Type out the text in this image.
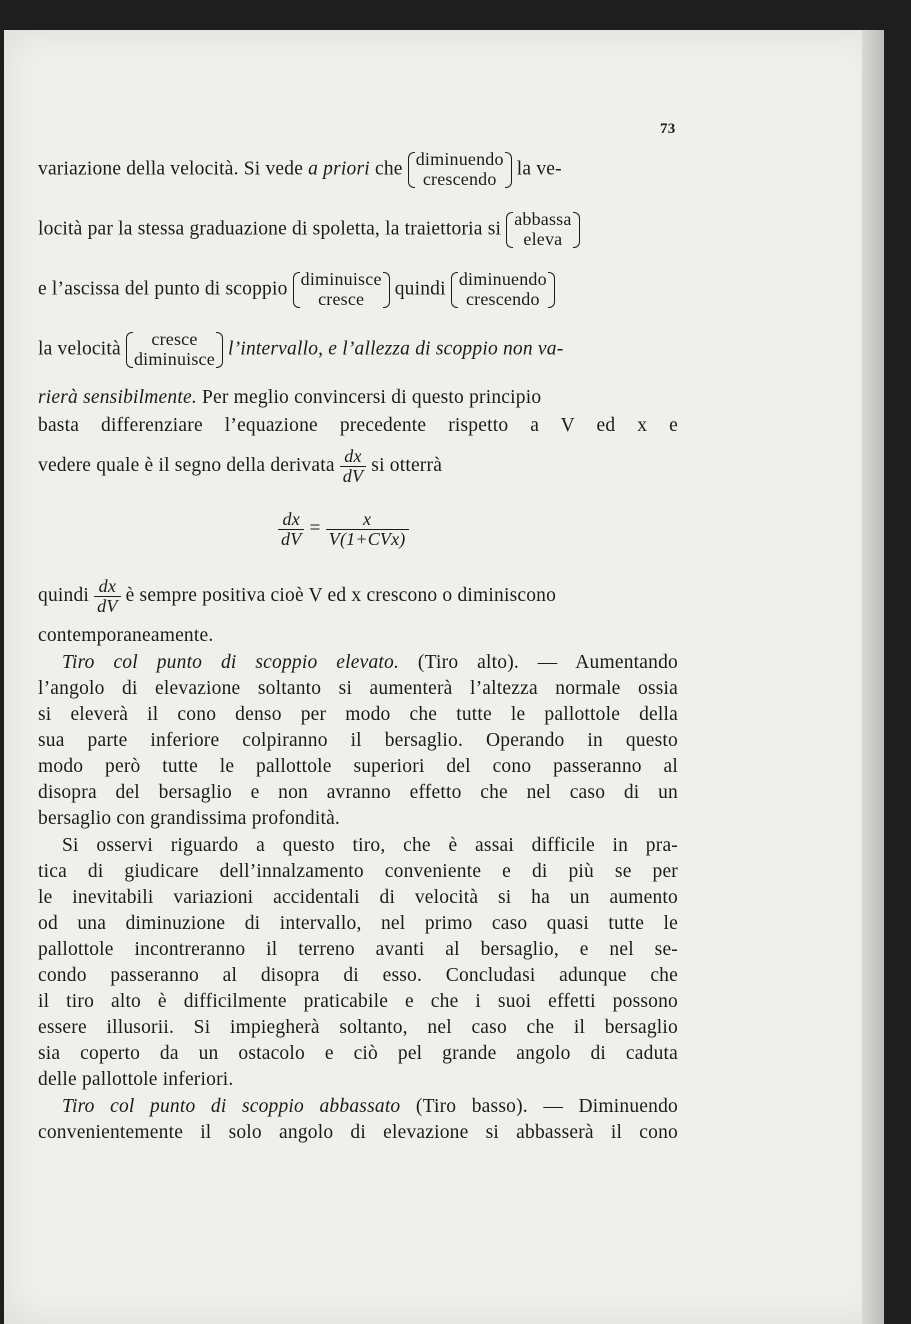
73
variazione della velocità. Si vede a priori che diminuendo
crescendo	la ve-
locità par la stessa graduazione di spoletta, la traiettoria si abbassa
eleva
e l’ascissa del punto di scoppio diminuisce
cresce	quindi diminuendo
crescendo
la velocità	cresce
diminuisce l’intervallo, e l’allezza di scoppio non va-
rierà sensibilmente. Per meglio convincersi di questo principio
basta differenziare l’equazione precedente rispetto a V ed x e
vedere quale è il segno della derivata $\frac{dx}{dV}$ si otterrà
$\frac{dx}{dV} = \frac{x}{\text{V(1+CVx)}}$
quindi $\frac{dx}{dV}$ è sempre positiva cioè V ed x crescono o diminiscono
contemporaneamente.
Tiro col punto di scoppio elevato. (Tiro alto). — Aumentando
l’angolo di elevazione soltanto si aumenterà l’altezza normale ossia
si eleverà il cono denso per modo che tutte le pallottole della
sua parte inferiore colpiranno il bersaglio. Operando in questo
modo però tutte le pallottole superiori del cono passeranno al
disopra del bersaglio e non avranno effetto che nel caso di un
bersaglio con grandissima profondità.
Si osservi riguardo a questo tiro, che è assai difficile in pra-
tica di giudicare dell’innalzamento conveniente e di più se per
le inevitabili variazioni accidentali di velocità si ha un aumento
od una diminuzione di intervallo, nel primo caso quasi tutte le
pallottole incontreranno il terreno avanti al bersaglio, e nel se-
condo passeranno al disopra di esso. Concludasi adunque che
il tiro alto è difficilmente praticabile e che i suoi effetti possono
essere illusorii. Si impiegherà soltanto, nel caso che il bersaglio
sia coperto da un ostacolo e ciò pel grande angolo di caduta
delle pallottole inferiori.
Tiro col punto di scoppio abbassato (Tiro basso). — Diminuendo
convenientemente il solo angolo di elevazione si abbasserà il cono
